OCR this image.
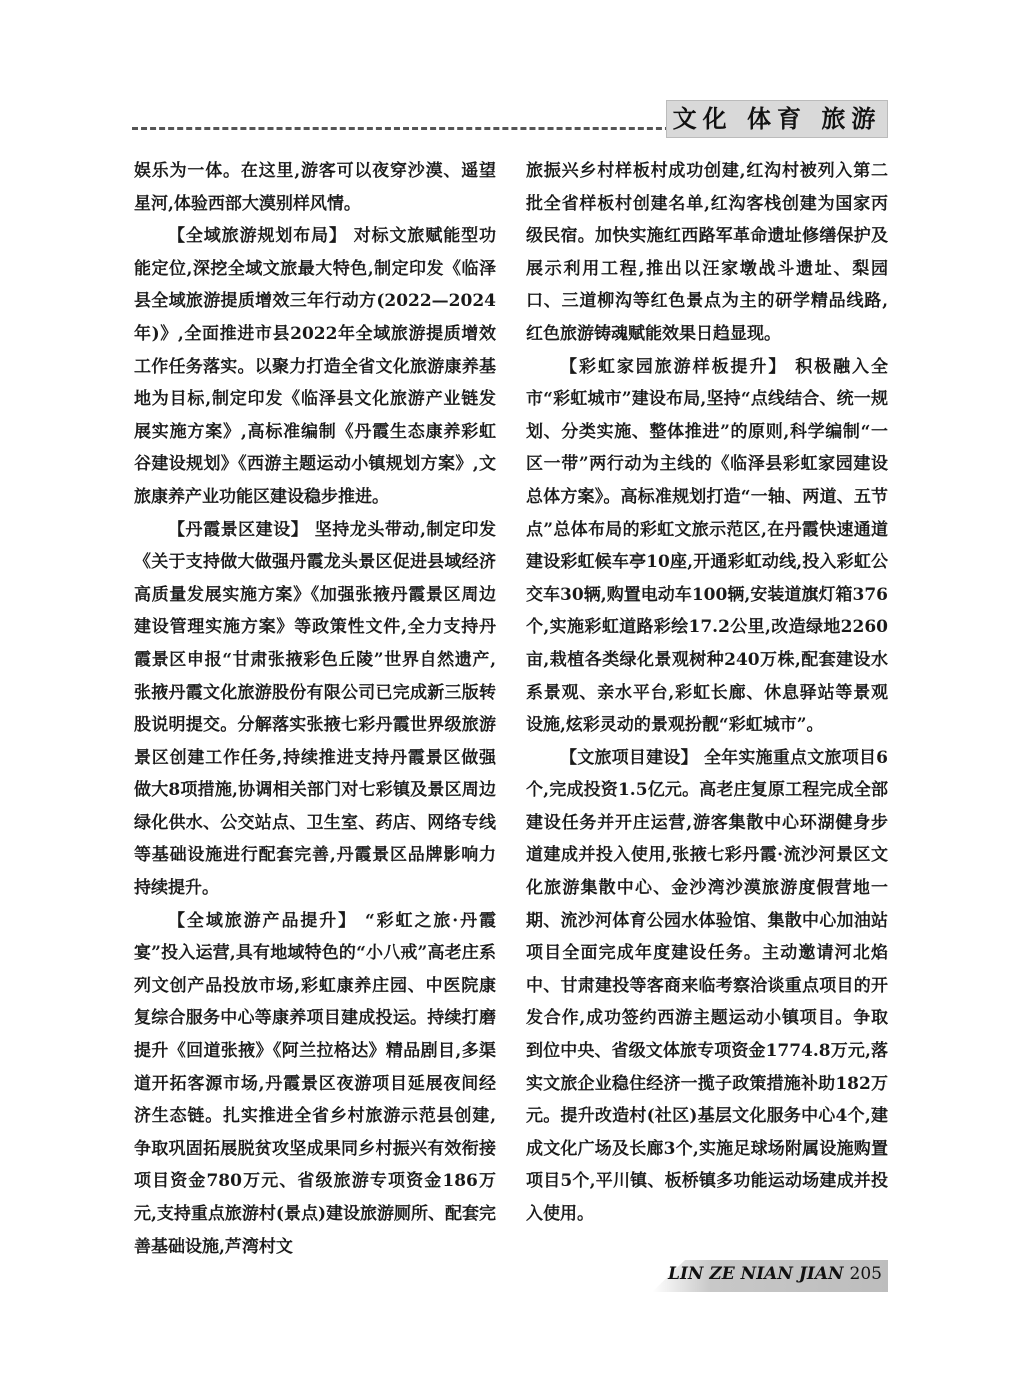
文化 体育 旅游

娱乐为一体。在这里,游客可以夜穿沙漠、遥望星河,体验西部大漠别样风情。

【全域旅游规划布局】 对标文旅赋能型功能定位,深挖全域文旅最大特色,制定印发《临泽县全域旅游提质增效三年行动方(2022—2024年)》,全面推进市县2022年全域旅游提质增效工作任务落实。以聚力打造全省文化旅游康养基地为目标,制定印发《临泽县文化旅游产业链发展实施方案》,高标准编制《丹霞生态康养彩虹谷建设规划》《西游主题运动小镇规划方案》,文旅康养产业功能区建设稳步推进。

【丹霞景区建设】 坚持龙头带动,制定印发《关于支持做大做强丹霞龙头景区促进县域经济高质量发展实施方案》《加强张掖丹霞景区周边建设管理实施方案》等政策性文件,全力支持丹霞景区申报“甘肃张掖彩色丘陵”世界自然遗产,张掖丹霞文化旅游股份有限公司已完成新三版转股说明提交。分解落实张掖七彩丹霞世界级旅游景区创建工作任务,持续推进支持丹霞景区做强做大8项措施,协调相关部门对七彩镇及景区周边绿化供水、公交站点、卫生室、药店、网络专线等基础设施进行配套完善,丹霞景区品牌影响力持续提升。

【全域旅游产品提升】 “彩虹之旅·丹霞宴”投入运营,具有地域特色的“小八戒”高老庄系列文创产品投放市场,彩虹康养庄园、中医院康复综合服务中心等康养项目建成投运。持续打磨提升《回道张掖》《阿兰拉格达》精品剧目,多渠道开拓客源市场,丹霞景区夜游项目延展夜间经济生态链。扎实推进全省乡村旅游示范县创建,争取巩固拓展脱贫攻坚成果同乡村振兴有效衔接项目资金780万元、省级旅游专项资金186万元,支持重点旅游村(景点)建设旅游厕所、配套完善基础设施,芦湾村文

旅振兴乡村样板村成功创建,红沟村被列入第二批全省样板村创建名单,红沟客栈创建为国家丙级民宿。加快实施红西路军革命遗址修缮保护及展示利用工程,推出以汪家墩战斗遗址、梨园口、三道柳沟等红色景点为主的研学精品线路,红色旅游铸魂赋能效果日趋显现。

【彩虹家园旅游样板提升】 积极融入全市“彩虹城市”建设布局,坚持“点线结合、统一规划、分类实施、整体推进”的原则,科学编制“一区一带”两行动为主线的《临泽县彩虹家园建设总体方案》。高标准规划打造“一轴、两道、五节点”总体布局的彩虹文旅示范区,在丹霞快速通道建设彩虹候车亭10座,开通彩虹动线,投入彩虹公交车30辆,购置电动车100辆,安装道旗灯箱376个,实施彩虹道路彩绘17.2公里,改造绿地2260亩,栽植各类绿化景观树种240万株,配套建设水系景观、亲水平台,彩虹长廊、休息驿站等景观设施,炫彩灵动的景观扮靓“彩虹城市”。

【文旅项目建设】 全年实施重点文旅项目6个,完成投资1.5亿元。高老庄复原工程完成全部建设任务并开庄运营,游客集散中心环湖健身步道建成并投入使用,张掖七彩丹霞·流沙河景区文化旅游集散中心、金沙湾沙漠旅游度假营地一期、流沙河体育公园水体验馆、集散中心加油站项目全面完成年度建设任务。主动邀请河北焰中、甘肃建投等客商来临考察洽谈重点项目的开发合作,成功签约西游主题运动小镇项目。争取到位中央、省级文体旅专项资金1774.8万元,落实文旅企业稳住经济一揽子政策措施补助182万元。提升改造村(社区)基层文化服务中心4个,建成文化广场及长廊3个,实施足球场附属设施购置项目5个,平川镇、板桥镇多功能运动场建成并投入使用。

LIN ZE NIAN JIAN 205
